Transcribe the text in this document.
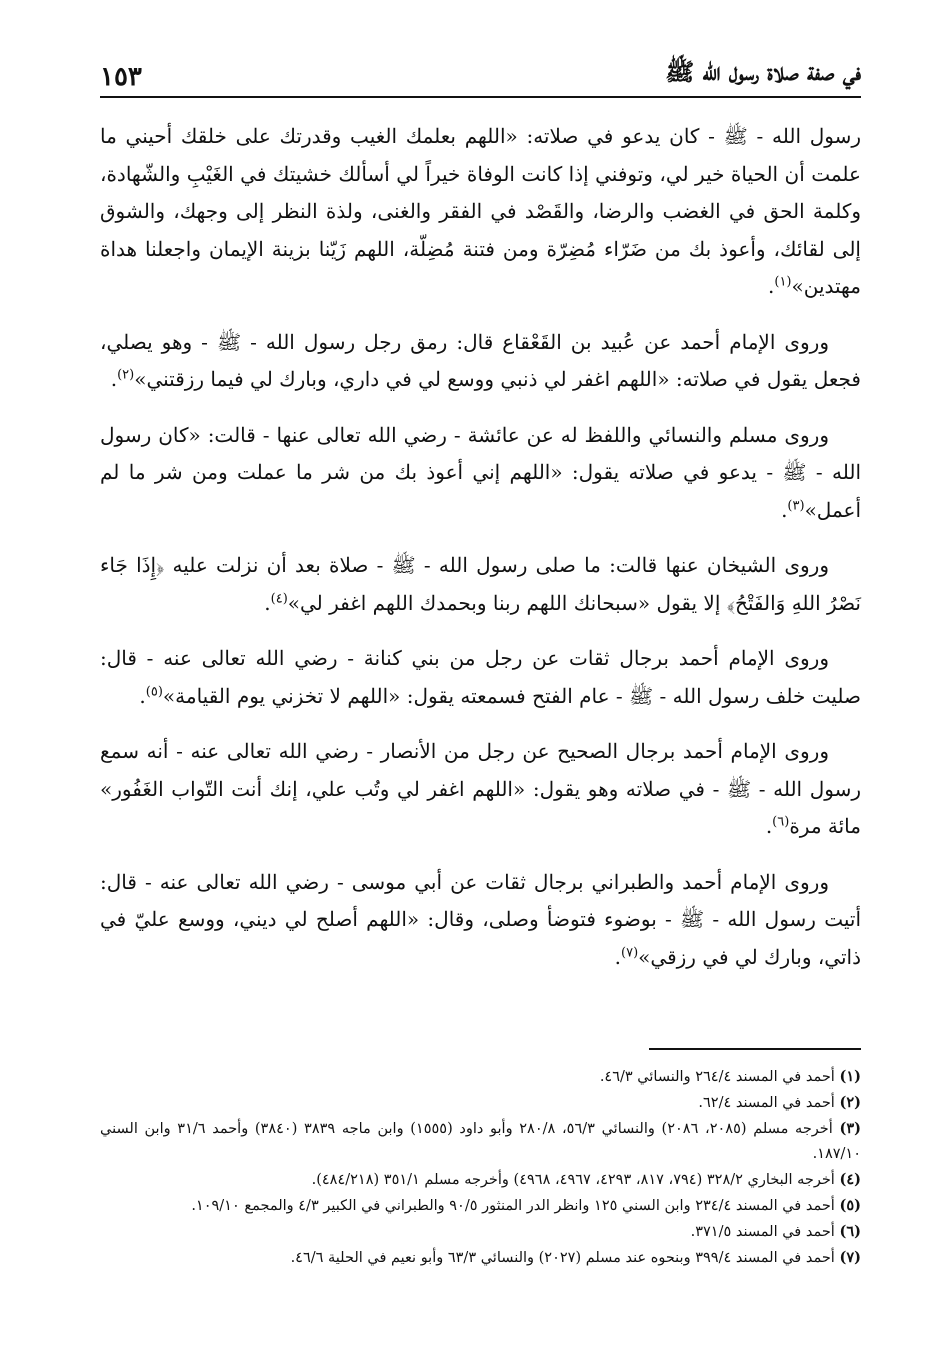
في صفة صلاة رسول الله ﷺ
١٥٣

رسول الله - ﷺ - كان يدعو في صلاته: «اللهم بعلمك الغيب وقدرتك على خلقك أحيني ما علمت أن الحياة خير لي، وتوفني إذا كانت الوفاة خيراً لي أسألك خشيتك في الغَيْبِ والشّهادة، وكلمة الحق في الغضب والرضا، والقَصْد في الفقر والغنى، ولذة النظر إلى وجهك، والشوق إلى لقائك، وأعوذ بك من ضَرّاء مُضِرّة ومن فتنة مُضِلّة، اللهم زَيّنا بزينة الإيمان واجعلنا هداة مهتدين»$^{(١)}$.

وروى الإمام أحمد عن عُبيد بن القَعْقاع قال: رمق رجل رسول الله - ﷺ - وهو يصلي، فجعل يقول في صلاته: «اللهم اغفر لي ذنبي ووسع لي في داري، وبارك لي فيما رزقتني»$^{(٢)}$.

وروى مسلم والنسائي واللفظ له عن عائشة - رضي الله تعالى عنها - قالت: «كان رسول الله - ﷺ - يدعو في صلاته يقول: «اللهم إني أعوذ بك من شر ما عملت ومن شر ما لم أعمل»$^{(٣)}$.

وروى الشيخان عنها قالت: ما صلى رسول الله - ﷺ - صلاة بعد أن نزلت عليه ﴿إِذَا جَاء نَصْرُ اللهِ وَالفَتْحُ﴾ إلا يقول «سبحانك اللهم ربنا وبحمدك اللهم اغفر لي»$^{(٤)}$.

وروى الإمام أحمد برجال ثقات عن رجل من بني كنانة - رضي الله تعالى عنه - قال: صليت خلف رسول الله - ﷺ - عام الفتح فسمعته يقول: «اللهم لا تخزني يوم القيامة»$^{(٥)}$.

وروى الإمام أحمد برجال الصحيح عن رجل من الأنصار - رضي الله تعالى عنه - أنه سمع رسول الله - ﷺ - في صلاته وهو يقول: «اللهم اغفر لي وتُب علي، إنك أنت التّواب الغَفُور» مائة مرة$^{(٦)}$.

وروى الإمام أحمد والطبراني برجال ثقات عن أبي موسى - رضي الله تعالى عنه - قال: أتيت رسول الله - ﷺ - بوضوء فتوضأ وصلى، وقال: «اللهم أصلح لي ديني، ووسع عليّ في ذاتي، وبارك لي في رزقي»$^{(٧)}$.

(١) أحمد في المسند ٢٦٤/٤ والنسائي ٤٦/٣.

(٢) أحمد في المسند ٦٢/٤.

(٣) أخرجه مسلم (٢٠٨٥، ٢٠٨٦) والنسائي ٥٦/٣، ٢٨٠/٨ وأبو داود (١٥٥٥) وابن ماجه ٣٨٣٩ (٣٨٤٠) وأحمد ٣١/٦ وابن السني ١٨٧/١٠.

(٤) أخرجه البخاري ٣٢٨/٢ (٧٩٤، ٨١٧، ٤٢٩٣، ٤٩٦٧، ٤٩٦٨) وأخرجه مسلم ٣٥١/١ (٤٨٤/٢١٨).

(٥) أحمد في المسند ٢٣٤/٤ وابن السني ١٢٥ وانظر الدر المنثور ٩٠/٥ والطبراني في الكبير ٤/٣ والمجمع ١٠٩/١٠.

(٦) أحمد في المسند ٣٧١/٥.

(٧) أحمد في المسند ٣٩٩/٤ وبنحوه عند مسلم (٢٠٢٧) والنسائي ٦٣/٣ وأبو نعيم في الحلية ٤٦/٦.
